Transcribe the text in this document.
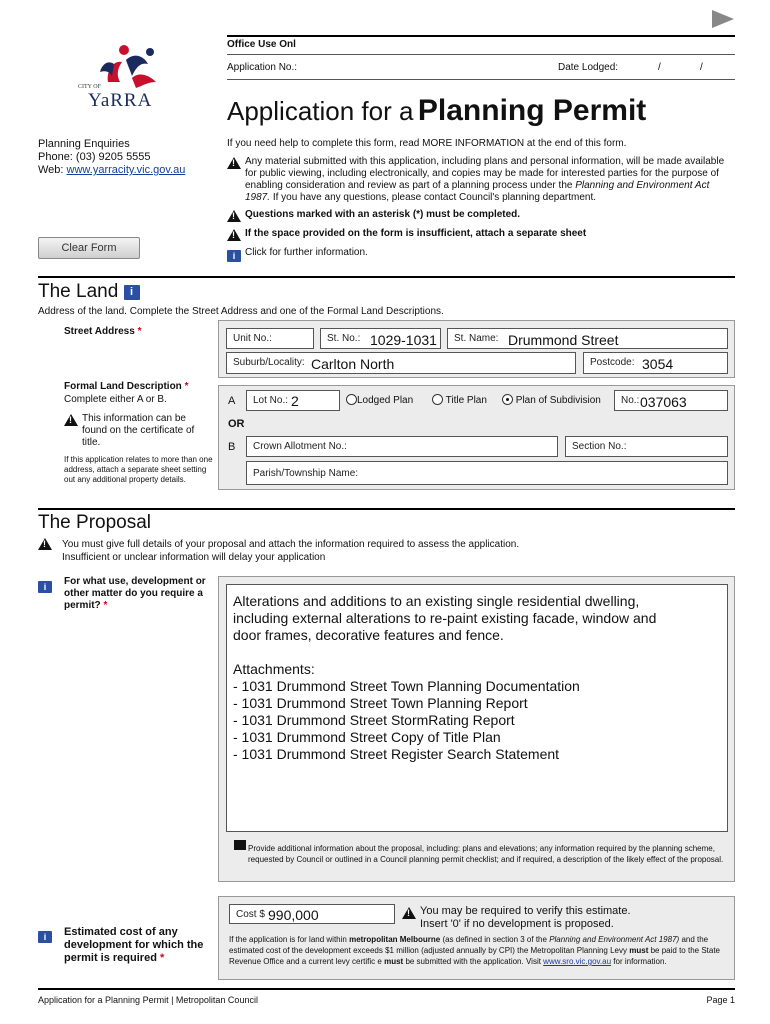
Office Use Onl
Application No.:	Date Lodged:	/	/
CITY OF
YaRRA	Application for a Planning Permit
Planning Enquiries
Phone: (03) 9205 5555
Web: www.yarracity.vic.gov.au
If you need help to complete this form, read MORE INFORMATION at the end of this form.
!
Any material submitted with this application, including plans and personal information, will be made available for public viewing, including electronically, and copies may be made for interested parties for the purpose of enabling consideration and review as part of a planning process under the Planning and Environment Act 1987. If you have any questions, please contact Council's planning department.
!
Questions marked with an asterisk (*) must be completed.
!
If the space provided on the form is insufficient, attach a separate sheet
i Click for further information.
Clear Form
The Land i
Address of the land. Complete the Street Address and one of the Formal Land Descriptions.
Street Address *
Unit No.:	St. No.: 1029-1031 St. Name: Drummond Street
Suburb/Locality: Carlton North	Postcode: 3054
Formal Land Description *
Complete either A or B.
!
This information can be found on the certificate of title.
If this application relates to more than one address, attach a separate sheet setting out any additional property details.
A Lot No.: 2	Lodged Plan	Title Plan	Plan of Subdivision No.: 037063
OR
B Crown Allotment No.:	Section No.:
Parish/Township Name:
The Proposal
!
You must give full details of your proposal and attach the information required to assess the application.
Insufficient or unclear information will delay your application
i	For what use, development or other matter do you require a permit? *	Alterations and additions to an existing single residential dwelling,
including external alterations to re-paint existing facade, window and
door frames, decorative features and fence.

Attachments:
- 1031 Drummond Street Town Planning Documentation
- 1031 Drummond Street Town Planning Report
- 1031 Drummond Street StormRating Report
- 1031 Drummond Street Copy of Title Plan
- 1031 Drummond Street Register Search Statement
Provide additional information about the proposal, including: plans and elevations; any information required by the planning scheme, requested by Council or outlined in a Council planning permit checklist; and if required, a description of the likely effect of the proposal.
i	Estimated cost of any development for which the permit is required *
Cost $ 990,000
!	You may be required to verify this estimate.
Insert '0' if no development is proposed.
If the application is for land within metropolitan Melbourne (as defined in section 3 of the Planning and Environment Act 1987) and the estimated cost of the development exceeds $1 million (adjusted annually by CPI) the Metropolitan Planning Levy must be paid to the State Revenue Office and a current levy certific e must be submitted with the application. Visit www.sro.vic.gov.au for information.
Application for a Planning Permit | Metropolitan Council	Page 1
